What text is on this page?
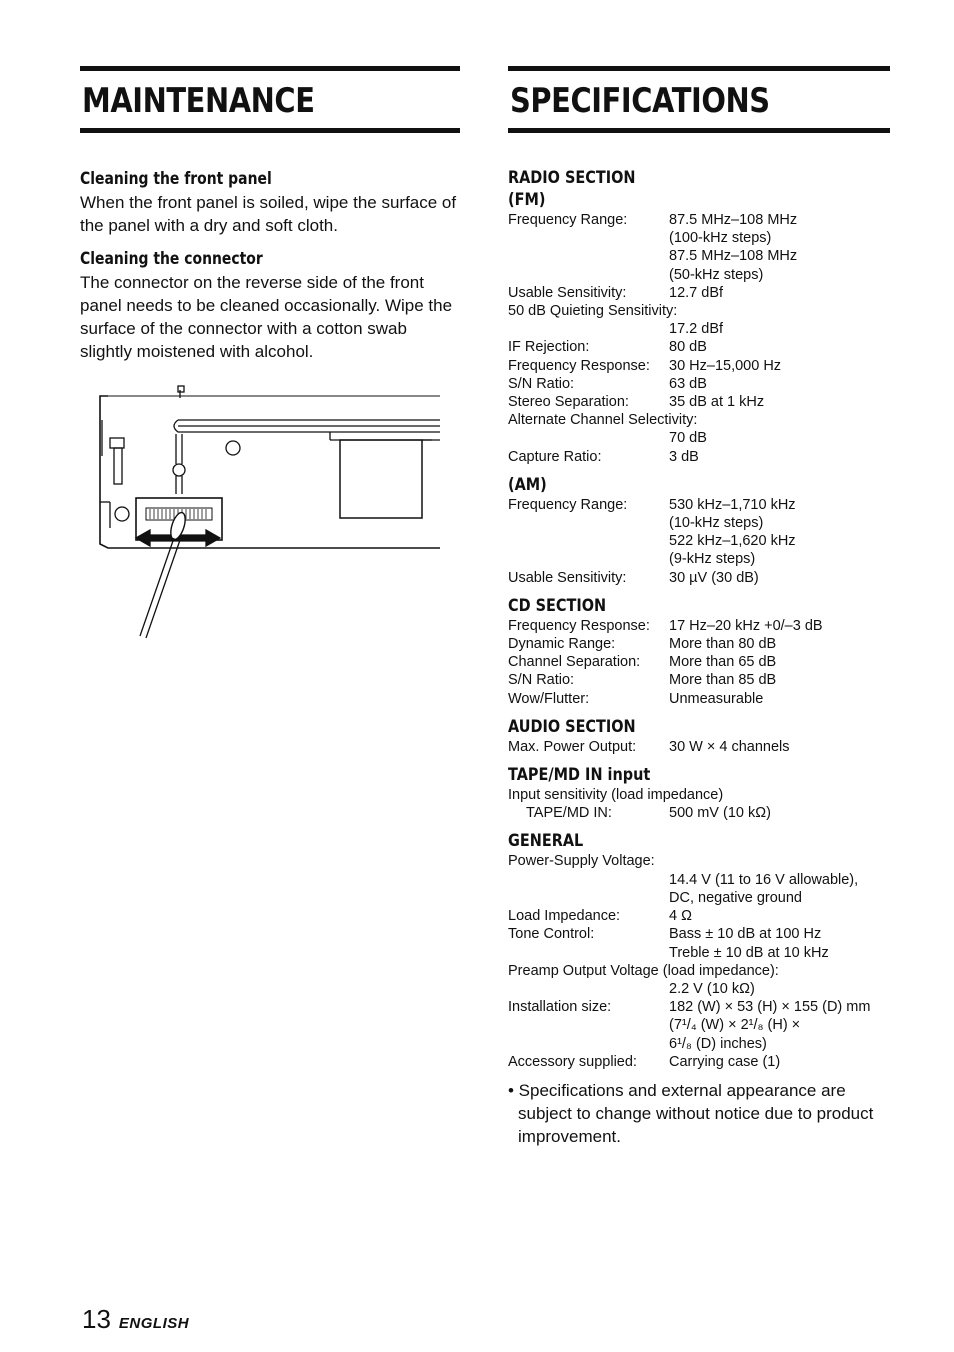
MAINTENANCE
Cleaning the front panel

When the front panel is soiled, wipe the surface of the panel with a dry and soft cloth.

Cleaning the connector

The connector on the reverse side of the front panel needs to be cleaned occasionally. Wipe the surface of the connector with a cotton swab slightly moistened with alcohol.

SPECIFICATIONS
RADIO SECTION
(FM)
Frequency Range:	87.5 MHz–108 MHz
(100-kHz steps)
87.5 MHz–108 MHz
(50-kHz steps)
Usable Sensitivity:	12.7 dBf
50 dB Quieting Sensitivity:
17.2 dBf
IF Rejection:	80 dB
Frequency Response:	30 Hz–15,000 Hz
S/N Ratio:	63 dB
Stereo Separation:	35 dB at 1 kHz
Alternate Channel Selectivity:
70 dB
Capture Ratio:	3 dB
(AM)
Frequency Range:	530 kHz–1,710 kHz
(10-kHz steps)
522 kHz–1,620 kHz
(9-kHz steps)
Usable Sensitivity:	30 µV (30 dB)
CD SECTION
Frequency Response:	17 Hz–20 kHz +0/–3 dB
Dynamic Range:	More than 80 dB
Channel Separation:	More than 65 dB
S/N Ratio:	More than 85 dB
Wow/Flutter:	Unmeasurable
AUDIO SECTION
Max. Power Output:	30 W × 4 channels
TAPE/MD IN input
Input sensitivity (load impedance)
TAPE/MD IN:	500 mV (10 kΩ)
GENERAL
Power-Supply Voltage:
14.4 V (11 to 16 V allowable),
DC, negative ground
Load Impedance:	4 Ω
Tone Control:	Bass ± 10 dB at 100 Hz
Treble ± 10 dB at 10 kHz
Preamp Output Voltage (load impedance):
2.2 V (10 kΩ)
Installation size:	182 (W) × 53 (H) × 155 (D) mm
(7¹/₄ (W) × 2¹/₈ (H) ×
6¹/₈ (D) inches)
Accessory supplied:	Carrying case (1)
• Specifications and external appearance are subject to change without notice due to product improvement.
13 ENGLISH
